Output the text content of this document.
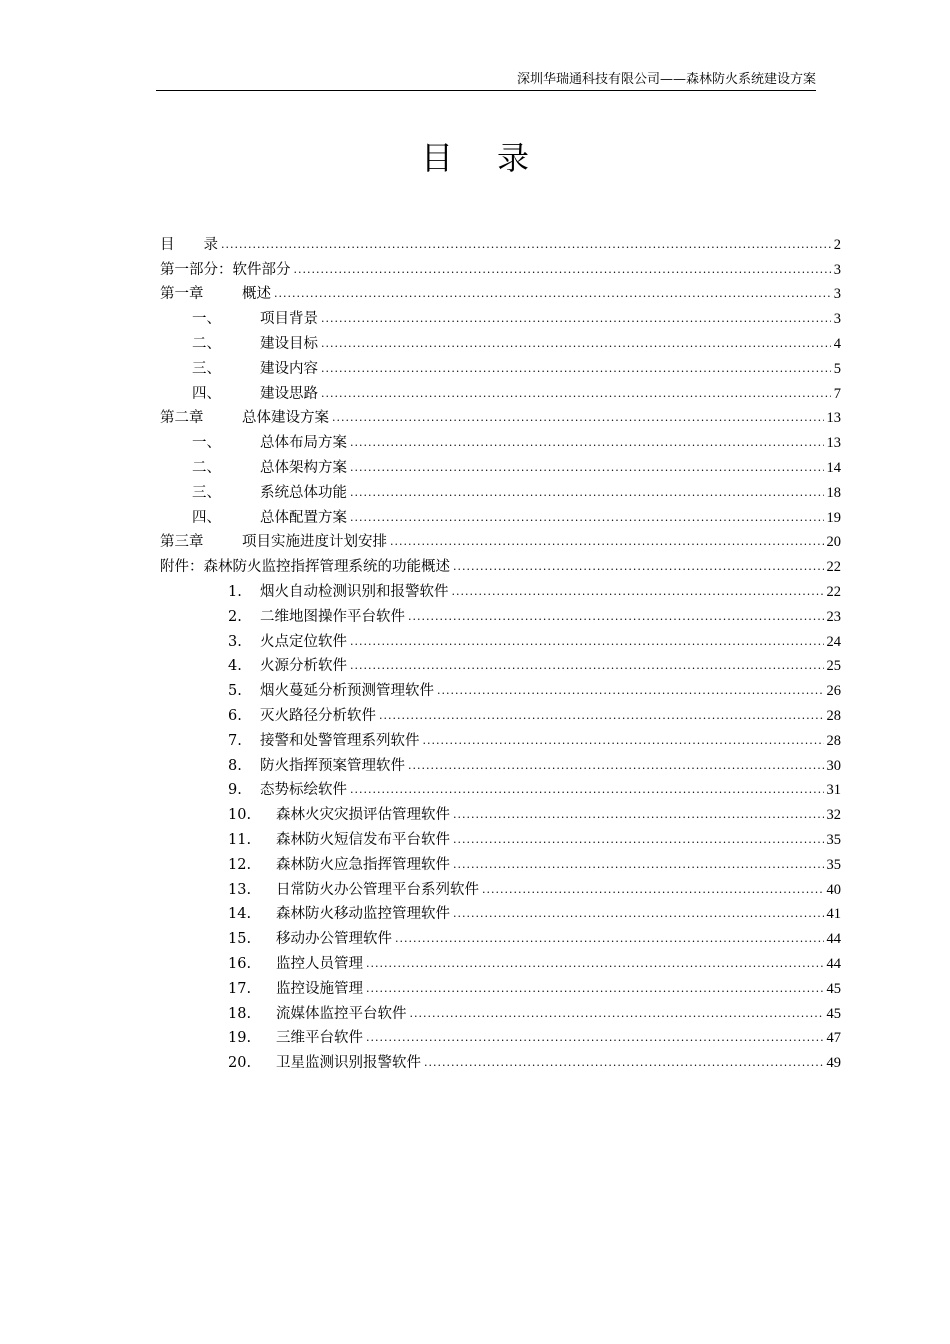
深圳华瑞通科技有限公司——森林防火系统建设方案
目录
目　　录 .....	2
第一部分：软件部分 .....	3
第一章	概述 .....	3
一、	项目背景 .....	3
二、	建设目标 .....	4
三、	建设内容 .....	5
四、	建设思路 .....	7
第二章	总体建设方案 .....	13
一、	总体布局方案 .....	13
二、	总体架构方案 .....	14
三、	系统总体功能 .....	18
四、	总体配置方案 .....	19
第三章	项目实施进度计划安排 .....	20
附件：森林防火监控指挥管理系统的功能概述 .....	22
1.	烟火自动检测识别和报警软件 .....	22
2.	二维地图操作平台软件 .....	23
3.	火点定位软件 .....	24
4.	火源分析软件 .....	25
5.	烟火蔓延分析预测管理软件 .....	26
6.	灭火路径分析软件 .....	28
7.	接警和处警管理系列软件 .....	28
8.	防火指挥预案管理软件 .....	30
9.	态势标绘软件 .....	31
10.	森林火灾灾损评估管理软件 .....	32
11.	森林防火短信发布平台软件 .....	35
12.	森林防火应急指挥管理软件 .....	35
13.	日常防火办公管理平台系列软件 .....	40
14.	森林防火移动监控管理软件 .....	41
15.	移动办公管理软件 .....	44
16.	监控人员管理 .....	44
17.	监控设施管理 .....	45
18.	流媒体监控平台软件 .....	45
19.	三维平台软件 .....	47
20.	卫星监测识别报警软件 .....	49
